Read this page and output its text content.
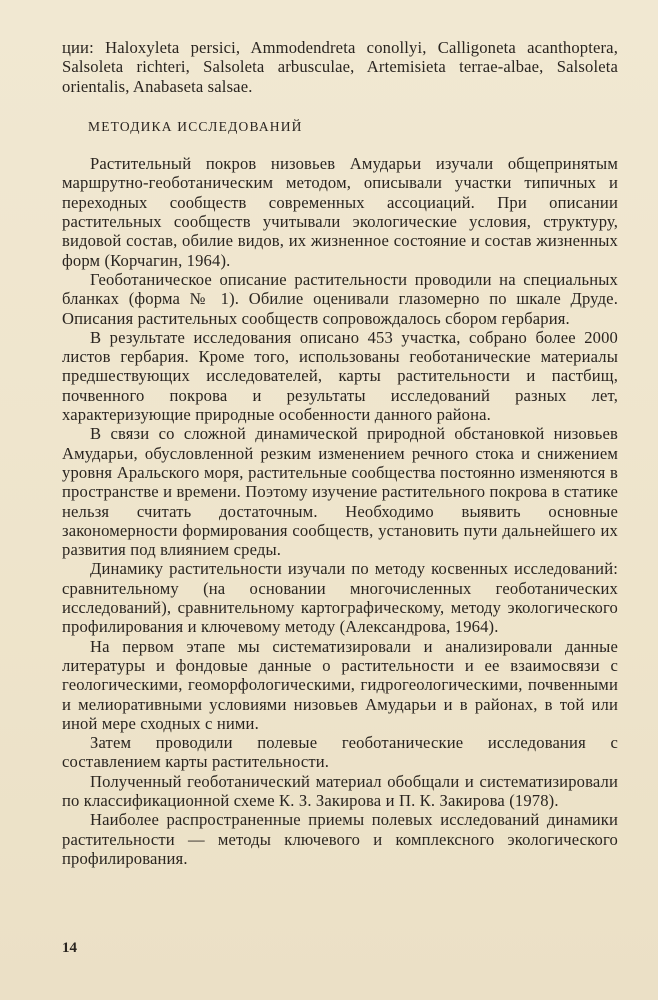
ции: Haloxyleta persici, Ammodendreta conollyi, Calligoneta acanthoptera, Salsoleta richteri, Salsoleta arbusculae, Artemisieta terrae-albae, Salsoleta orientalis, Anabaseta salsae.

МЕТОДИКА ИССЛЕДОВАНИЙ

Растительный покров низовьев Амударьи изучали общепринятым маршрутно-геоботаническим методом, описывали участки типичных и переходных сообществ современных ассоциаций. При описании растительных сообществ учитывали экологические условия, структуру, видовой состав, обилие видов, их жизненное состояние и состав жизненных форм (Корчагин, 1964).

Геоботаническое описание растительности проводили на специальных бланках (форма № 1). Обилие оценивали глазомерно по шкале Друде. Описания растительных сообществ сопровождалось сбором гербария.

В результате исследования описано 453 участка, собрано более 2000 листов гербария. Кроме того, использованы геоботанические материалы предшествующих исследователей, карты растительности и пастбищ, почвенного покрова и результаты исследований разных лет, характеризующие природные особенности данного района.

В связи со сложной динамической природной обстановкой низовьев Амударьи, обусловленной резким изменением речного стока и снижением уровня Аральского моря, растительные сообщества постоянно изменяются в пространстве и времени. Поэтому изучение растительного покрова в статике нельзя считать достаточным. Необходимо выявить основные закономерности формирования сообществ, установить пути дальнейшего их развития под влиянием среды.

Динамику растительности изучали по методу косвенных исследований: сравнительному (на основании многочисленных геоботанических исследований), сравнительному картографическому, методу экологического профилирования и ключевому методу (Александрова, 1964).

На первом этапе мы систематизировали и анализировали данные литературы и фондовые данные о растительности и ее взаимосвязи с геологическими, геоморфологическими, гидрогеологическими, почвенными и мелиоративными условиями низовьев Амударьи и в районах, в той или иной мере сходных с ними.

Затем проводили полевые геоботанические исследования с составлением карты растительности.

Полученный геоботанический материал обобщали и систематизировали по классификационной схеме К. З. Закирова и П. К. Закирова (1978).

Наиболее распространенные приемы полевых исследований динамики растительности — методы ключевого и комплексного экологического профилирования.

14
